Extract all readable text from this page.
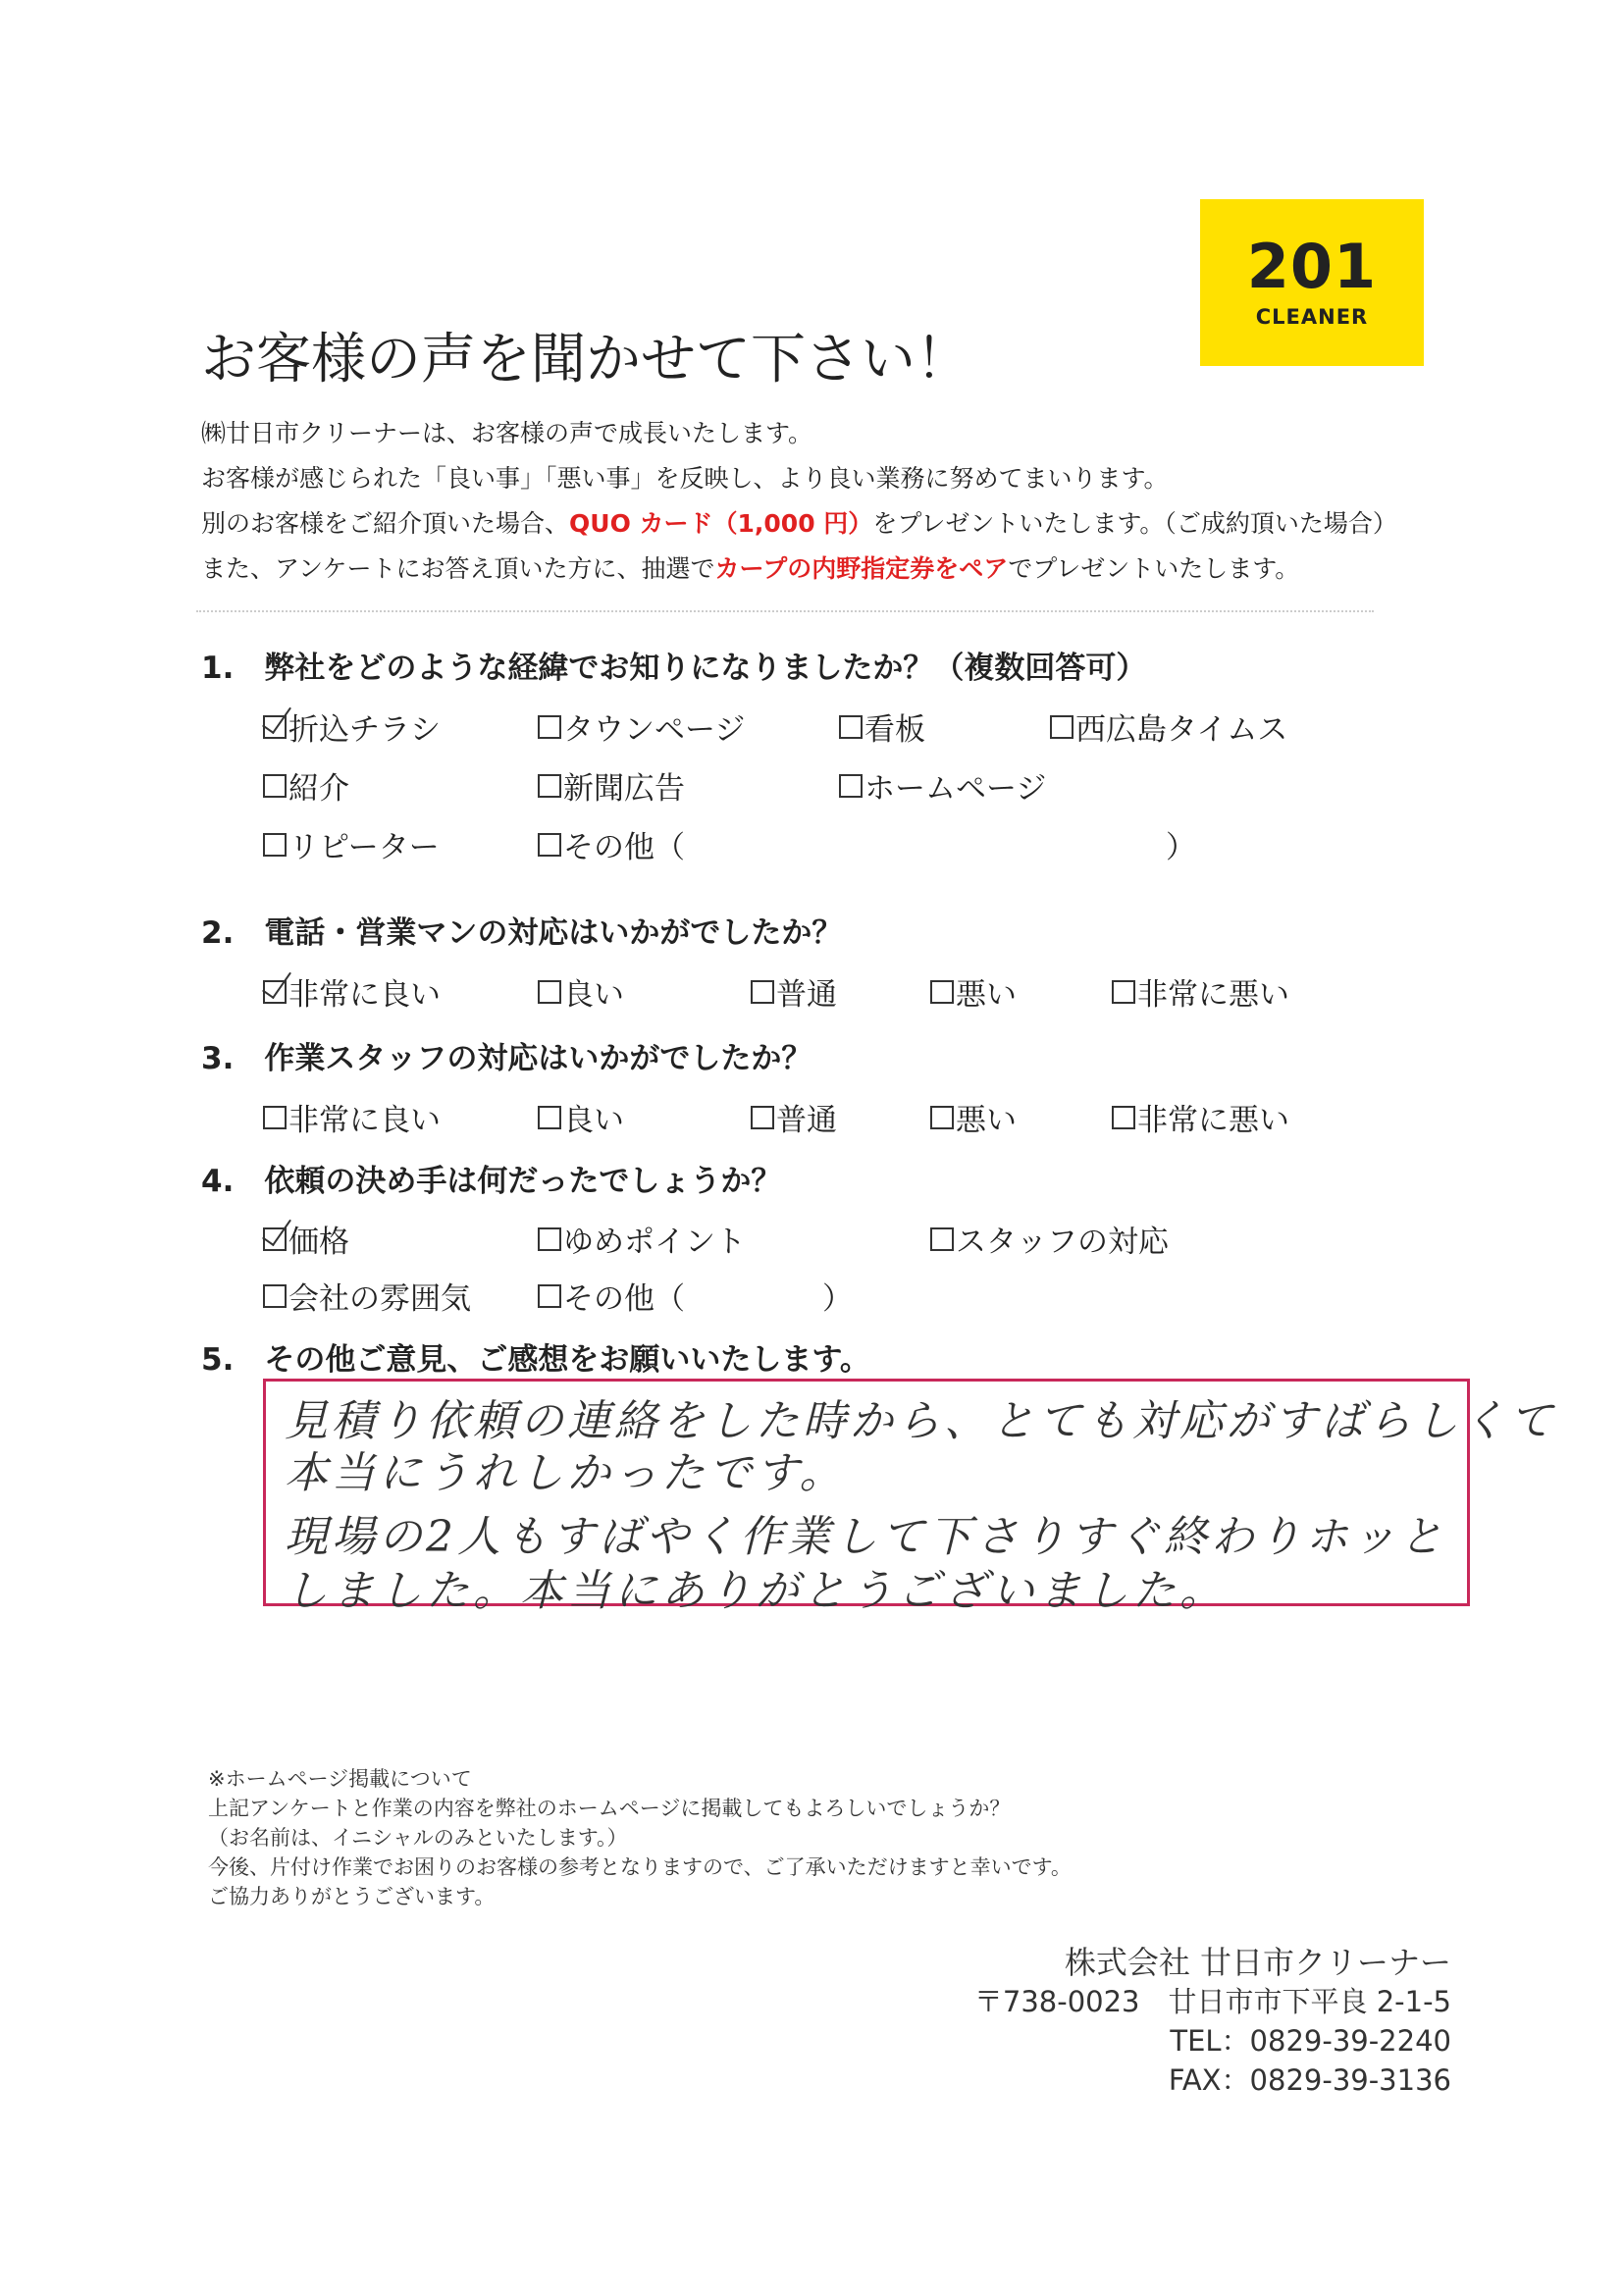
201
CLEANER
お客様の声を聞かせて下さい！
㈱廿日市クリーナーは、お客様の声で成長いたします。
お客様が感じられた「良い事」「悪い事」を反映し、より良い業務に努めてまいります。
別のお客様をご紹介頂いた場合、QUO カード（1,000 円）をプレゼントいたします。（ご成約頂いた場合）
また、アンケートにお答え頂いた方に、抽選でカープの内野指定券をペアでプレゼントいたします。
1.　弊社をどのような経緯でお知りになりましたか？（複数回答可）
折込チラシ	タウンページ	看板	西広島タイムス
紹介	新聞広告	ホームページ
リピーター	その他（	）
2.　電話・営業マンの対応はいかがでしたか？
非常に良い	良い	普通	悪い	非常に悪い
3.　作業スタッフの対応はいかがでしたか？
非常に良い	良い	普通	悪い	非常に悪い
4.　依頼の決め手は何だったでしょうか？
価格	ゆめポイント	スタッフの対応
会社の雰囲気	その他（	）
5.　その他ご意見、ご感想をお願いいたします。
見積り依頼の連絡をした時から、とても対応がすばらしくて
本当にうれしかったです。
現場の2人もすばやく作業して下さりすぐ終わりホッと
しました。本当にありがとうございました。
※ホームページ掲載について
上記アンケートと作業の内容を弊社のホームページに掲載してもよろしいでしょうか？
（お名前は、イニシャルのみといたします。）
今後、片付け作業でお困りのお客様の参考となりますので、ご了承いただけますと幸いです。
ご協力ありがとうございます。
株式会社 廿日市クリーナー
〒738-0023　廿日市市下平良 2-1-5
TEL：0829-39-2240
FAX：0829-39-3136
